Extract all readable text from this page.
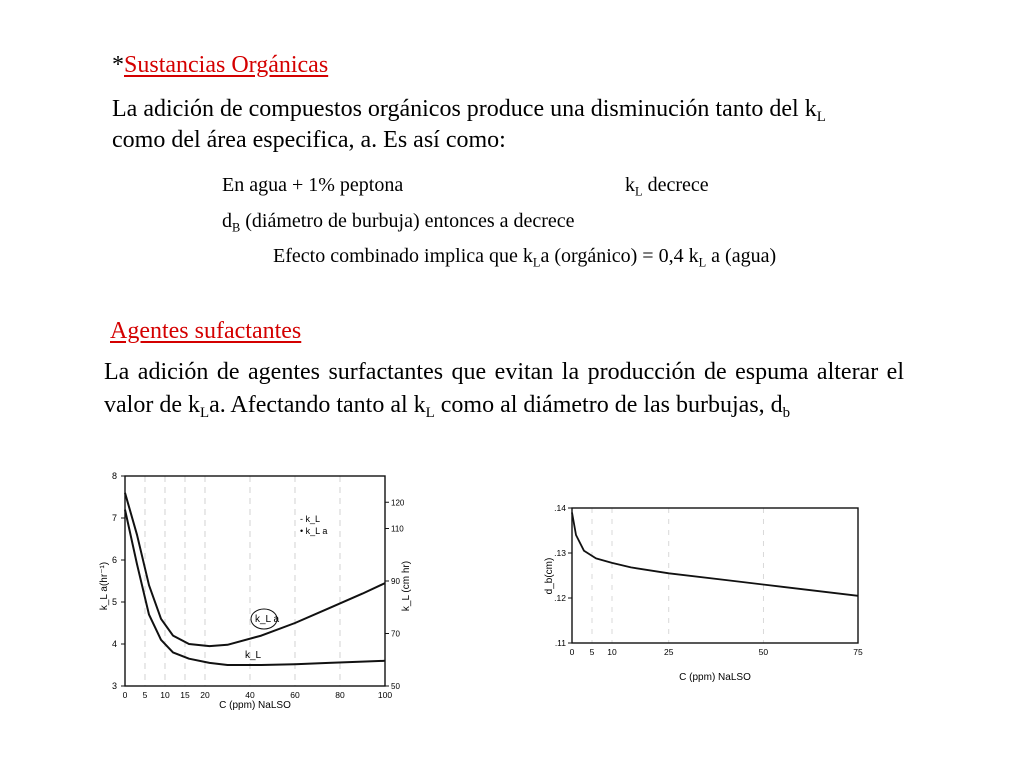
*Sustancias Orgánicas
La adición de compuestos orgánicos produce una disminución tanto del $k_L$
como del área especifica, a. Es así como:
En agua + 1% peptona	$k_L$ decrece
$d_B$ (diámetro de burbuja) entonces a decrece
Efecto combinado implica que $k_La$ (orgánico) = 0,4 $k_L$ a (agua)
Agentes sufactantes
La adición de agentes surfactantes que evitan la producción de espuma alterar el valor de $k_La$. Afectando tanto al $k_L$ como al diámetro de las burbujas, $d_b$
3
4
5
6
7
8
50
70
90
110
120
0 5 10 15 20	40	60	80	100
k_L a(hr⁻¹)	k_L (cm hr)
C (ppm) NaLSO
- k_L
• k_L a
k_L a
k_L
.11
.12
.13
.14
0 5 10	25	50	75
d_b(cm)
C (ppm) NaLSO
